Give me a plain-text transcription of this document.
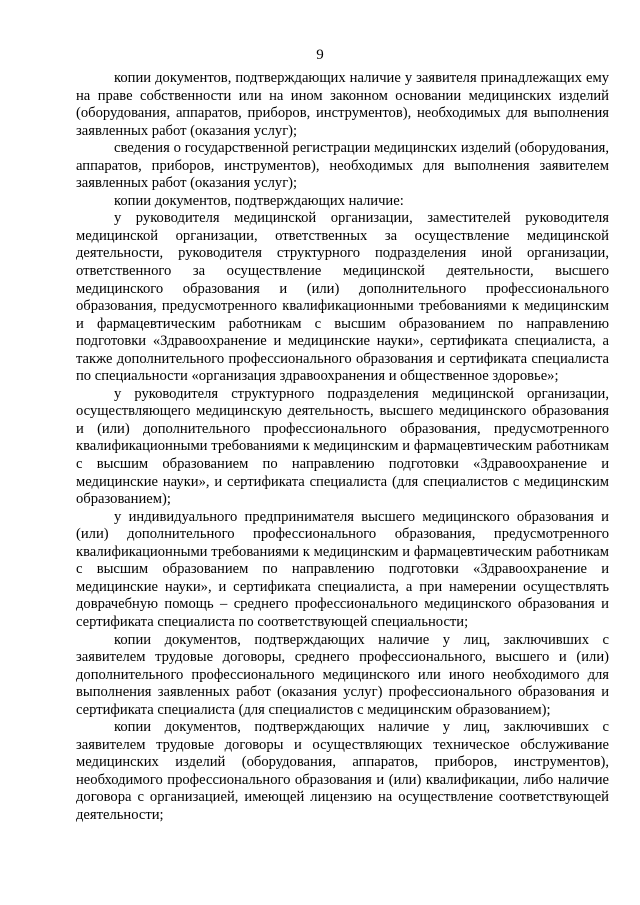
9

копии документов, подтверждающих наличие у заявителя принадлежащих ему на праве собственности или на ином законном основании медицинских изделий (оборудования, аппаратов, приборов, инструментов), необходимых для выполнения заявленных работ (оказания услуг);

сведения о государственной регистрации медицинских изделий (оборудования, аппаратов, приборов, инструментов), необходимых для выполнения заявителем заявленных работ (оказания услуг);

копии документов, подтверждающих наличие:

у руководителя медицинской организации, заместителей руководителя медицинской организации, ответственных за осуществление медицинской деятельности, руководителя структурного подразделения иной организации, ответственного за осуществление медицинской деятельности, высшего медицинского образования и (или) дополнительного профессионального образования, предусмотренного квалификационными требованиями к медицинским и фармацевтическим работникам с высшим образованием по направлению подготовки «Здравоохранение и медицинские науки», сертификата специалиста, а также дополнительного профессионального образования и сертификата специалиста по специальности «организация здравоохранения и общественное здоровье»;

у руководителя структурного подразделения медицинской организации, осуществляющего медицинскую деятельность, высшего медицинского образования и (или) дополнительного профессионального образования, предусмотренного квалификационными требованиями к медицинским и фармацевтическим работникам с высшим образованием по направлению подготовки «Здравоохранение и медицинские науки», и сертификата специалиста (для специалистов с медицинским образованием);

у индивидуального предпринимателя высшего медицинского образования и (или) дополнительного профессионального образования, предусмотренного квалификационными требованиями к медицинским и фармацевтическим работникам с высшим образованием по направлению подготовки «Здравоохранение и медицинские науки», и сертификата специалиста, а при намерении осуществлять доврачебную помощь – среднего профессионального медицинского образования и сертификата специалиста по соответствующей специальности;

копии документов, подтверждающих наличие у лиц, заключивших с заявителем трудовые договоры, среднего профессионального, высшего и (или) дополнительного профессионального медицинского или иного необходимого для выполнения заявленных работ (оказания услуг) профессионального образования и сертификата специалиста (для специалистов с медицинским образованием);

копии документов, подтверждающих наличие у лиц, заключивших с заявителем трудовые договоры и осуществляющих техническое обслуживание медицинских изделий (оборудования, аппаратов, приборов, инструментов), необходимого профессионального образования и (или) квалификации, либо наличие договора с организацией, имеющей лицензию на осуществление соответствующей деятельности;
